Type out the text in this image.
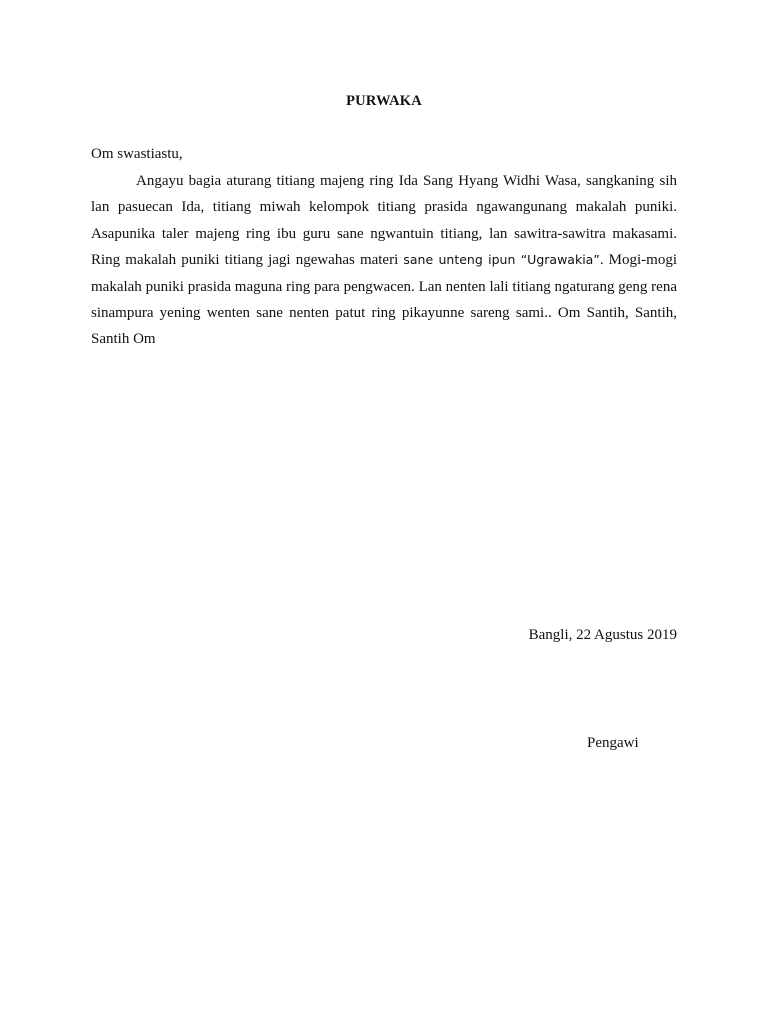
PURWAKA
Om swastiastu,

Angayu bagia aturang titiang majeng ring Ida Sang Hyang Widhi Wasa, sangkaning sih lan pasuecan Ida, titiang miwah kelompok titiang prasida ngawangunang makalah puniki. Asapunika taler majeng ring ibu guru sane ngwantuin titiang, lan sawitra-sawitra makasami. Ring makalah puniki titiang jagi ngewahas materi sane unteng ipun “Ugrawakia”. Mogi-mogi makalah puniki prasida maguna ring para pengwacen. Lan nenten lali titiang ngaturang geng rena sinampura yening wenten sane nenten patut ring pikayunne sareng sami.. Om Santih, Santih, Santih Om

Bangli, 22 Agustus 2019
Pengawi
